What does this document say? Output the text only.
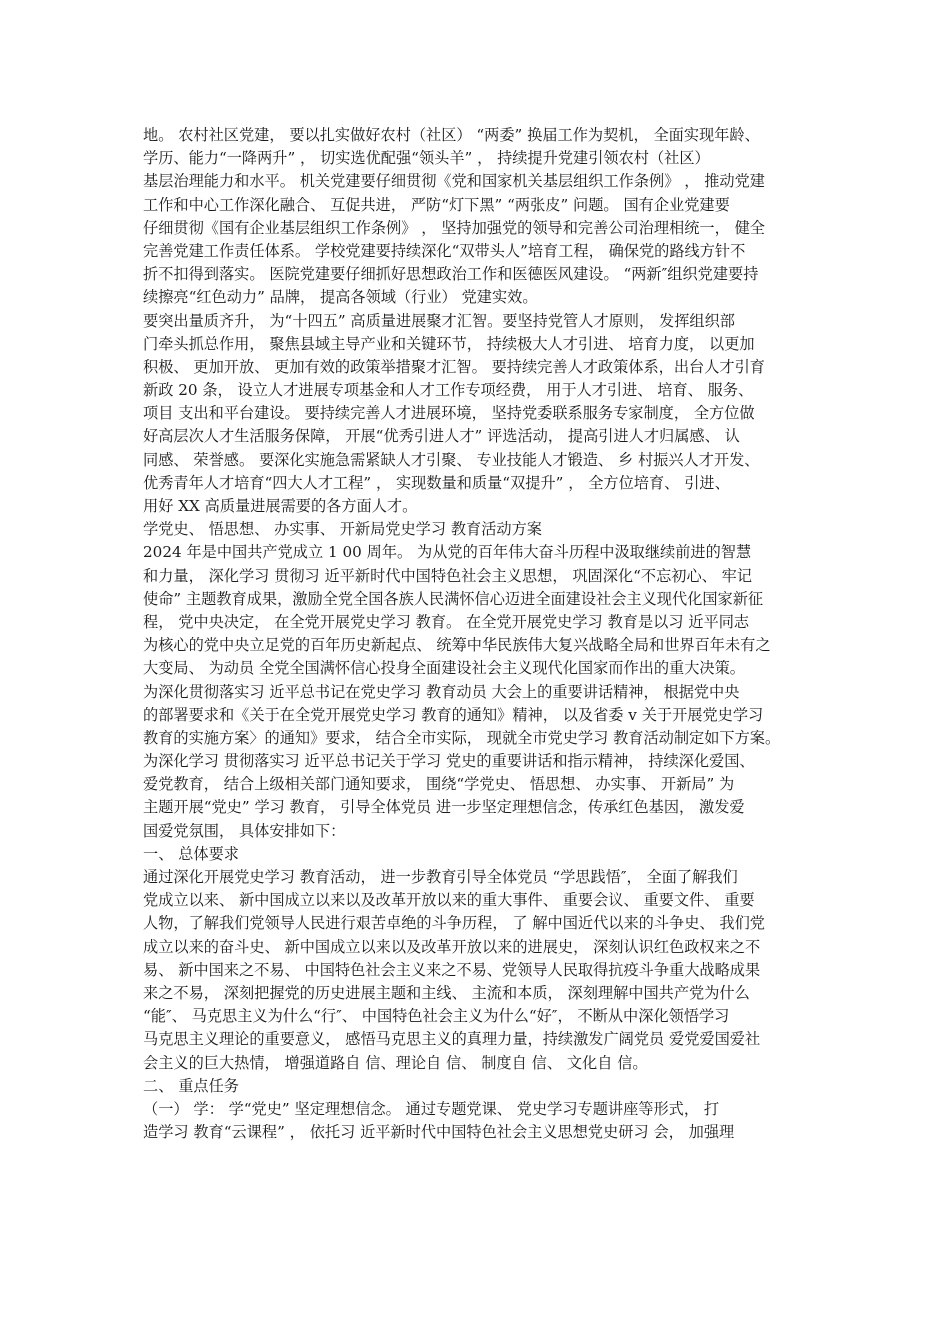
地。 农村社区党建， 要以扎实做好农村（社区） “两委” 换届工作为契机， 全面实现年龄、
学历、能力“一降两升” ， 切实选优配强“领头羊” ， 持续提升党建引领农村（社区）
基层治理能力和水平。 机关党建要仔细贯彻《党和国家机关基层组织工作条例》 ， 推动党建
工作和中心工作深化融合、 互促共进， 严防“灯下黑” “两张皮” 问题。 国有企业党建要
仔细贯彻《国有企业基层组织工作条例》 ， 坚持加强党的领导和完善公司治理相统一， 健全
完善党建工作责任体系。 学校党建要持续深化“双带头人”培育工程， 确保党的路线方针不
折不扣得到落实。 医院党建要仔细抓好思想政治工作和医德医风建设。 “两新″组织党建要持
续擦亮“红色动力” 品牌， 提高各领域（行业） 党建实效。
要突出量质齐升， 为“十四五” 高质量进展聚才汇智。要坚持党管人才原则， 发挥组织部
门牵头抓总作用， 聚焦县域主导产业和关键环节， 持续极大人才引进、 培育力度， 以更加
积极、 更加开放、 更加有效的政策举措聚才汇智。 要持续完善人才政策体系，出台人才引育
新政 20 条， 设立人才进展专项基金和人才工作专项经费， 用于人才引进、 培育、 服务、
项目 支出和平台建设。 要持续完善人才进展环境， 坚持党委联系服务专家制度， 全方位做
好高层次人才生活服务保障， 开展“优秀引进人才” 评选活动， 提高引进人才归属感、 认
同感、 荣誉感。 要深化实施急需紧缺人才引聚、 专业技能人才锻造、 乡 村振兴人才开发、
优秀青年人才培育“四大人才工程” ， 实现数量和质量“双提升” ， 全方位培育、 引进、
用好 XX 高质量进展需要的各方面人才。
学党史、 悟思想、 办实事、 开新局党史学习 教育活动方案
2024 年是中国共产党成立 1 00 周年。 为从党的百年伟大奋斗历程中汲取继续前进的智慧
和力量， 深化学习 贯彻习 近平新时代中国特色社会主义思想， 巩固深化“不忘初心、 牢记
使命” 主题教育成果，激励全党全国各族人民满怀信心迈进全面建设社会主义现代化国家新征
程， 党中央决定， 在全党开展党史学习 教育。 在全党开展党史学习 教育是以习 近平同志
为核心的党中央立足党的百年历史新起点、 统筹中华民族伟大复兴战略全局和世界百年未有之
大变局、 为动员 全党全国满怀信心投身全面建设社会主义现代化国家而作出的重大决策。
为深化贯彻落实习 近平总书记在党史学习 教育动员 大会上的重要讲话精神， 根据党中央
的部署要求和《关于在全党开展党史学习 教育的通知》精神， 以及省委 v 关于开展党史学习
教育的实施方案〉的通知》要求， 结合全市实际， 现就全市党史学习 教育活动制定如下方案。
为深化学习 贯彻落实习 近平总书记关于学习 党史的重要讲话和指示精神， 持续深化爱国、
爱党教育， 结合上级相关部门通知要求， 围绕“学党史、 悟思想、 办实事、 开新局” 为
主题开展“党史” 学习 教育， 引导全体党员 进一步坚定理想信念，传承红色基因， 激发爱
国爱党氛围， 具体安排如下：
一、 总体要求
通过深化开展党史学习 教育活动， 进一步教育引导全体党员 “学思践悟″， 全面了解我们
党成立以来、 新中国成立以来以及改革开放以来的重大事件、 重要会议、 重要文件、 重要
人物，了解我们党领导人民进行艰苦卓绝的斗争历程， 了 解中国近代以来的斗争史、 我们党
成立以来的奋斗史、 新中国成立以来以及改革开放以来的进展史， 深刻认识红色政权来之不
易、 新中国来之不易、 中国特色社会主义来之不易、党领导人民取得抗疫斗争重大战略成果
来之不易， 深刻把握党的历史进展主题和主线、 主流和本质， 深刻理解中国共产党为什么
“能″、 马克思主义为什么“行″、 中国特色社会主义为什么“好″， 不断从中深化领悟学习
马克思主义理论的重要意义， 感悟马克思主义的真理力量，持续激发广阔党员 爱党爱国爱社
会主义的巨大热情， 增强道路自 信、理论自 信、 制度自 信、 文化自 信。
二、 重点任务
（一） 学： 学“党史” 坚定理想信念。 通过专题党课、 党史学习专题讲座等形式， 打
造学习 教育“云课程” ， 依托习 近平新时代中国特色社会主义思想党史研习 会， 加强理
